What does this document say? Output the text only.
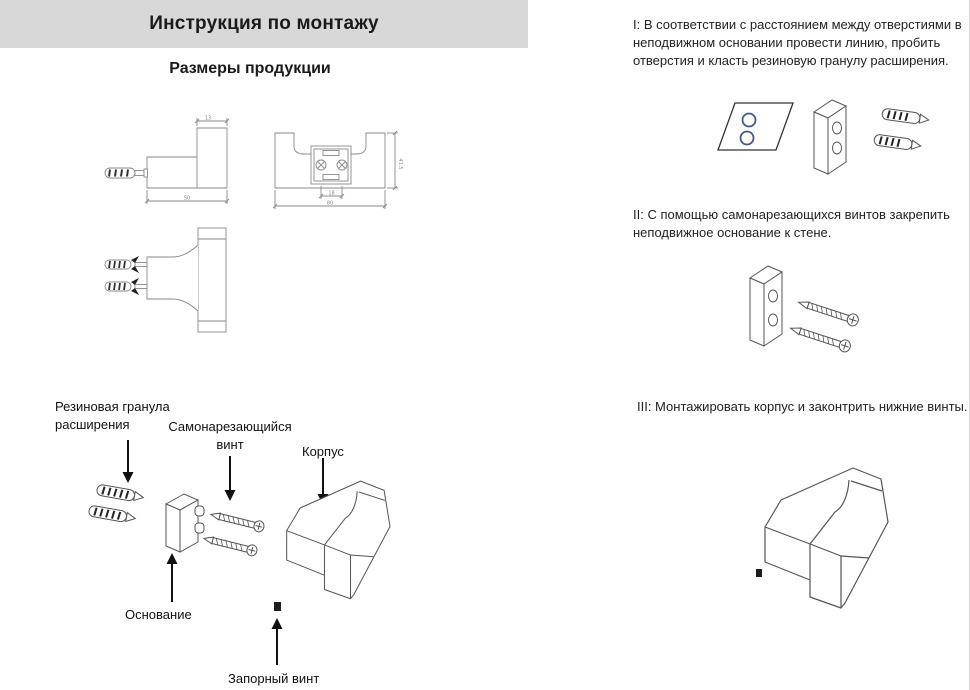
Инструкция по монтажу
Размеры продукции
13
50
41.5
18
80
Резиновая гранула расширения	Самонарезающийся винт	Корпус
Основание
Запорный винт
I: В соответствии с расстоянием между отверстиями в неподвижном основании провести линию, пробить отверстия и класть резиновую гранулу расширения.
II: С помощью самонарезающихся винтов закрепить неподвижное основание к стене.
III: Монтажировать корпус и законтрить нижние винты.
